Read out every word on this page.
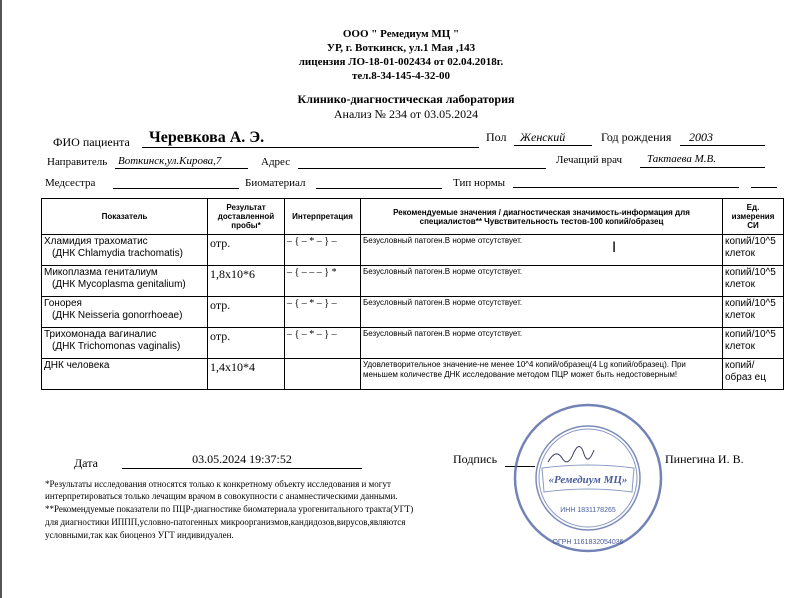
ООО " Ремедиум МЦ "
УР, г. Воткинск, ул.1 Мая ,143
лицензия ЛО-18-01-002434 от 02.04.2018г.
тел.8-34-145-4-32-00
Клинико-диагностическая лаборатория
Анализ № 234 от 03.05.2024
ФИО пациента Черевкова А. Э.	Пол Женский	Год рождения 2003
Направитель Воткинск,ул.Кирова,7	Адрес	Лечащий врач Тактаева М.В.
Медсестра	Биоматериал	Тип нормы
Показатель	Результат доставленной пробы*	Интерпретация	Рекомендуемые значения / диагностическая значимость-информация для специалистов** Чувствительность тестов-100 копий/образец	Ед. измерения СИ

Хламидия трахоматис
(ДНК Chlamydia trachomatis)	отр.	– { – * – } –	Безусловный патоген.В норме отсутствует.	копий/10^5 клеток

Микоплазма гениталиум
(ДНК Mycoplasma genitalium)	1,8x10*6	– { – – – } *	Безусловный патоген.В норме отсутствует.	копий/10^5 клеток

Гонорея
(ДНК Neisseria gonorrhoeae)	отр.	– { – * – } –	Безусловный патоген.В норме отсутствует.	копий/10^5 клеток

Трихомонада вагиналис
(ДНК Trichomonas vaginalis)	отр.	– { – * – } –	Безусловный патоген.В норме отсутствует.	копий/10^5 клеток

ДНК человека	1,4x10*4		Удовлетворительное значение-не менее 10^4 копий/образец(4 Lg копий/образец). При меньшем количестве ДНК исследование методом ПЦР может быть недостоверным!	копий/образ ец
I
Дата	03.05.2024 19:37:52	Подпись	Пинегина И. В.
*Результаты исследования относятся только к конкретному объекту исследования и могут
интерпретироваться только лечащим врачом в совокупности с анамнестическими данными.
**Рекомендуемые показатели по ПЦР-диагностике биоматериала урогенитального тракта(УГТ)
для диагностики ИППП,условно-патогенных микроорганизмов,кандидозов,вирусов,являются
условными,так как биоценоз УГТ индивидуален.
«Ремедиум МЦ»
ИНН 1831178265
ОГРН 1161832054036
